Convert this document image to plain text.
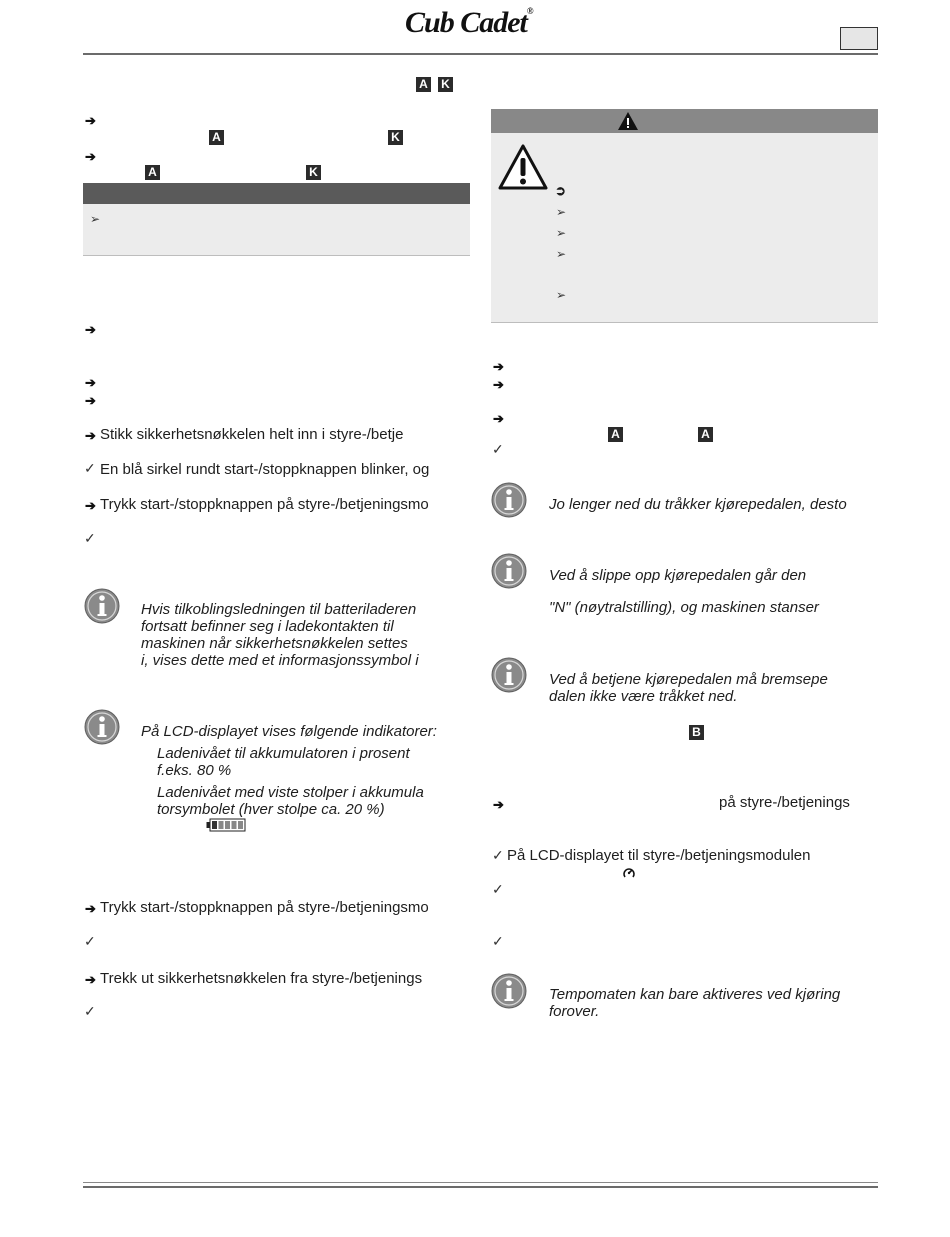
Cub Cadet®
A K
➔
A	K
➔
A	K
➢
➔
➔
➔
➔ Stikk sikkerhetsnøkkelen helt inn i styre-/betje
✓ En blå sirkel rundt start-/stoppknappen blinker, og
➔ Trykk start-/stoppknappen på styre-/betjeningsmo
✓
Hvis tilkoblingsledningen til batteriladeren
fortsatt befinner seg i ladekontakten til
maskinen når sikkerhetsnøkkelen settes
i, vises dette med et informasjonssymbol i
På LCD-displayet vises følgende indikatorer:
Ladenivået til akkumulatoren i prosent
f.eks. 80 %
Ladenivået med viste stolper i akkumula
torsymbolet (hver stolpe ca. 20 %)
➔ Trykk start-/stoppknappen på styre-/betjeningsmo
✓
➔ Trekk ut sikkerhetsnøkkelen fra styre-/betjenings
✓
➲
➢
➢
➢
➢
➔
➔
➔
A	A
✓
Jo lenger ned du tråkker kjørepedalen, desto
Ved å slippe opp kjørepedalen går den
"N" (nøytralstilling), og maskinen stanser
Ved å betjene kjørepedalen må bremsepe
dalen ikke være tråkket ned.
B
➔	på styre-/betjenings
✓ På LCD-displayet til styre-/betjeningsmodulen
✓
✓
Tempomaten kan bare aktiveres ved kjøring
forover.
